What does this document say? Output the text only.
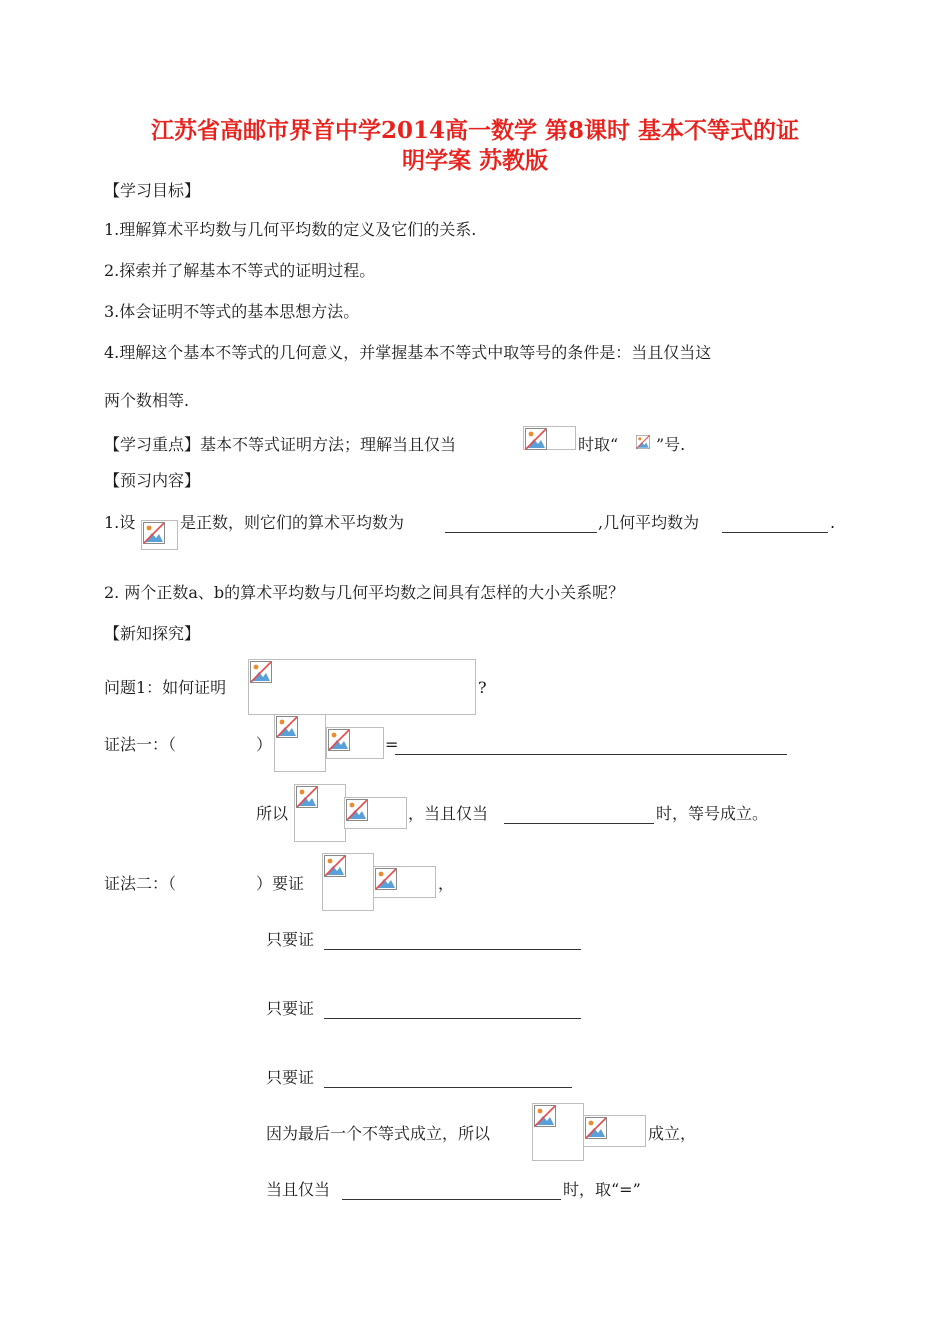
江苏省高邮市界首中学2014高一数学 第8课时 基本不等式的证
明学案 苏教版
【学习目标】
1.理解算术平均数与几何平均数的定义及它们的关系.
2.探索并了解基本不等式的证明过程。
3.体会证明不等式的基本思想方法。
4.理解这个基本不等式的几何意义，并掌握基本不等式中取等号的条件是：当且仅当这
两个数相等.
【学习重点】基本不等式证明方法；理解当且仅当	时取“ ”号.
【预习内容】
1.设	是正数，则它们的算术平均数为	,几何平均数为	.
2. 两个正数a、b的算术平均数与几何平均数之间具有怎样的大小关系呢？
【新知探究】
问题1：如何证明	?
证法一：（	）	=
所以	，当且仅当	时，等号成立。
证法二：（	）要证	，
只要证
只要证
只要证
因为最后一个不等式成立，所以	成立，
当且仅当	时，取“=”
